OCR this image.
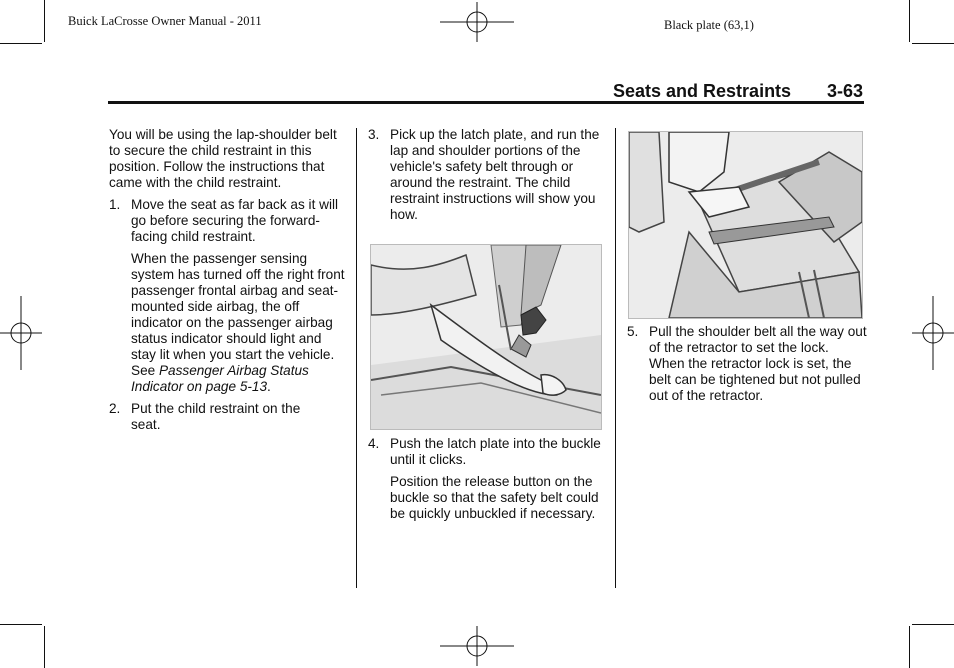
Buick LaCrosse Owner Manual - 2011	Black plate (63,1)
Seats and Restraints 3-63

You will be using the lap-shoulder belt to secure the child restraint in this position. Follow the instructions that came with the child restraint.

1. Move the seat as far back as it will go before securing the forward-facing child restraint.

When the passenger sensing system has turned off the right front passenger frontal airbag and seat-mounted side airbag, the off indicator on the passenger airbag status indicator should light and stay lit when you start the vehicle. See Passenger Airbag Status Indicator on page 5-13.

2. Put the child restraint on the seat.

3. Pick up the latch plate, and run the lap and shoulder portions of the vehicle's safety belt through or around the restraint. The child restraint instructions will show you how.

4. Push the latch plate into the buckle until it clicks.

Position the release button on the buckle so that the safety belt could be quickly unbuckled if necessary.

5. Pull the shoulder belt all the way out of the retractor to set the lock. When the retractor lock is set, the belt can be tightened but not pulled out of the retractor.
